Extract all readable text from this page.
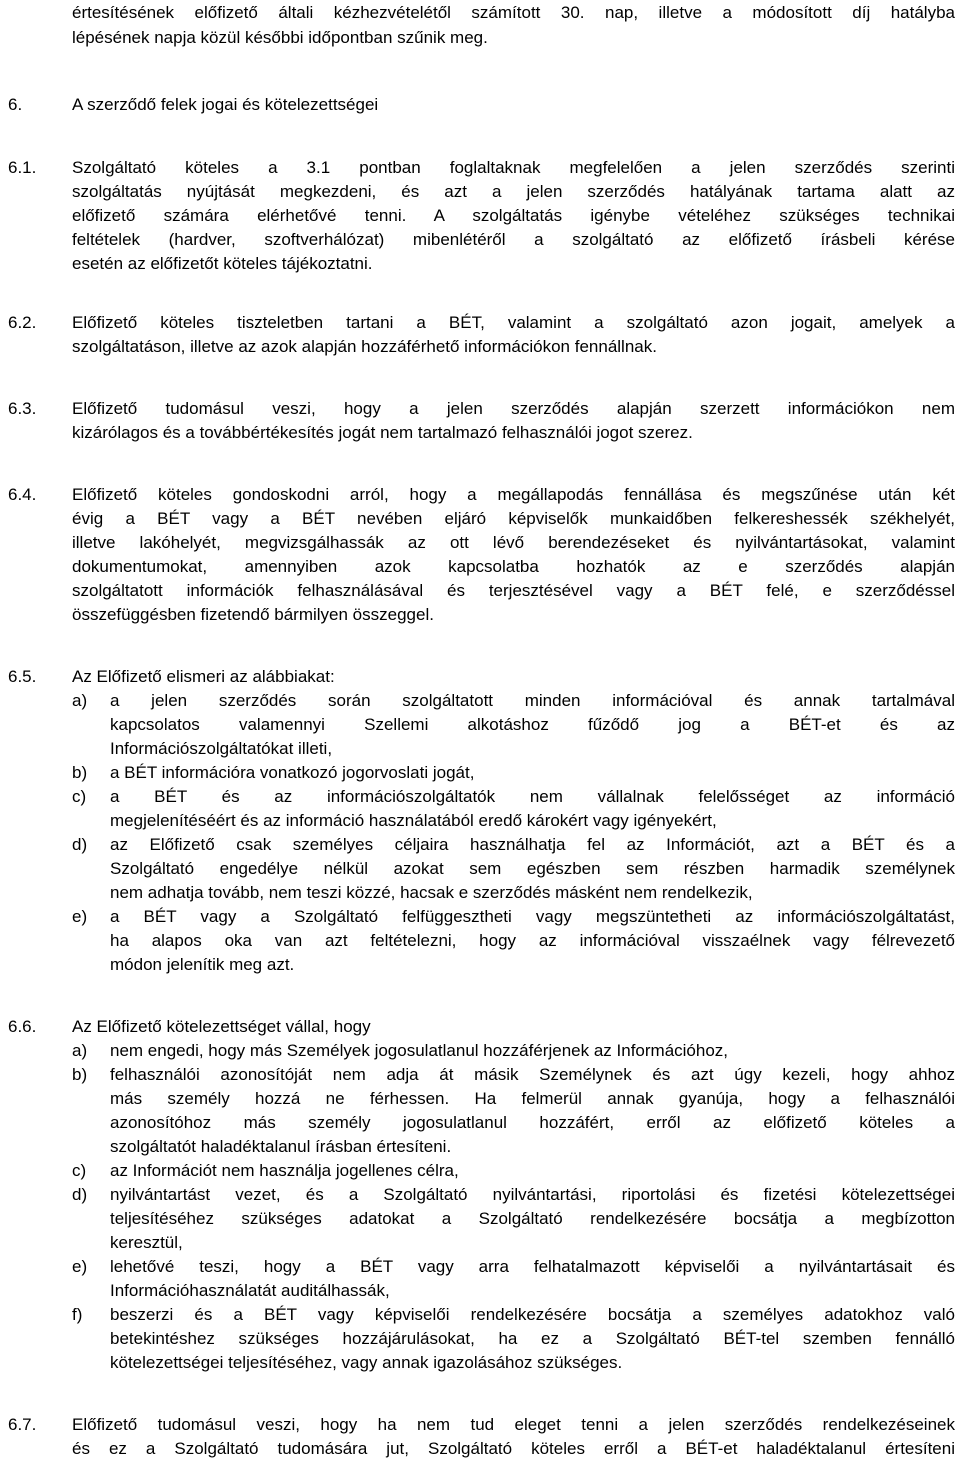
értesítésének előfizető általi kézhezvételétől számított 30. nap, illetve a módosított díj hatályba
lépésének napja közül későbbi időpontban szűnik meg.
6.	A szerződő felek jogai és kötelezettségei
6.1. Szolgáltató köteles a 3.1 pontban foglaltaknak megfelelően a jelen szerződés szerinti
szolgáltatás nyújtását megkezdeni, és azt a jelen szerződés hatályának tartama alatt az
előfizető számára elérhetővé tenni. A szolgáltatás igénybe vételéhez szükséges technikai
feltételek (hardver, szoftverhálózat) mibenlétéről a szolgáltató az előfizető írásbeli kérése
esetén az előfizetőt köteles tájékoztatni.
6.2. Előfizető köteles tiszteletben tartani a BÉT, valamint a szolgáltató azon jogait, amelyek a
szolgáltatáson, illetve az azok alapján hozzáférhető információkon fennállnak.
6.3. Előfizető tudomásul veszi, hogy a jelen szerződés alapján szerzett információkon nem
kizárólagos és a továbbértékesítés jogát nem tartalmazó felhasználói jogot szerez.
6.4. Előfizető köteles gondoskodni arról, hogy a megállapodás fennállása és megszűnése után két
évig a BÉT vagy a BÉT nevében eljáró képviselők munkaidőben felkereshessék székhelyét,
illetve lakóhelyét, megvizsgálhassák az ott lévő berendezéseket és nyilvántartásokat, valamint
dokumentumokat, amennyiben azok kapcsolatba hozhatók az e szerződés alapján
szolgáltatott információk felhasználásával és terjesztésével vagy a BÉT felé, e szerződéssel
összefüggésben fizetendő bármilyen összeggel.
6.5. Az Előfizető elismeri az alábbiakat:
a) a jelen szerződés során szolgáltatott minden információval és annak tartalmával
kapcsolatos valamennyi Szellemi alkotáshoz fűződő jog a BÉT-et és az
Információszolgáltatókat illeti,
b) a BÉT információra vonatkozó jogorvoslati jogát,
c) a BÉT és az információszolgáltatók nem vállalnak felelősséget az információ
megjelenítéséért és az információ használatából eredő károkért vagy igényekért,
d) az Előfizető csak személyes céljaira használhatja fel az Információt, azt a BÉT és a
Szolgáltató engedélye nélkül azokat sem egészben sem részben harmadik személynek
nem adhatja tovább, nem teszi közzé, hacsak e szerződés másként nem rendelkezik,
e) a BÉT vagy a Szolgáltató felfüggesztheti vagy megszüntetheti az információszolgáltatást,
ha alapos oka van azt feltételezni, hogy az információval visszaélnek vagy félrevezető
módon jelenítik meg azt.
6.6. Az Előfizető kötelezettséget vállal, hogy
a) nem engedi, hogy más Személyek jogosulatlanul hozzáférjenek az Információhoz,
b) felhasználói azonosítóját nem adja át másik Személynek és azt úgy kezeli, hogy ahhoz
más személy hozzá ne férhessen. Ha felmerül annak gyanúja, hogy a felhasználói
azonosítóhoz más személy jogosulatlanul hozzáfért, erről az előfizető köteles a
szolgáltatót haladéktalanul írásban értesíteni.
c) az Információt nem használja jogellenes célra,
d) nyilvántartást vezet, és a Szolgáltató nyilvántartási, riportolási és fizetési kötelezettségei
teljesítéséhez szükséges adatokat a Szolgáltató rendelkezésére bocsátja a megbízotton
keresztül,
e) lehetővé teszi, hogy a BÉT vagy arra felhatalmazott képviselői a nyilvántartásait és
Információhasználatát auditálhassák,
f) beszerzi és a BÉT vagy képviselői rendelkezésére bocsátja a személyes adatokhoz való
betekintéshez szükséges hozzájárulásokat, ha ez a Szolgáltató BÉT-tel szemben fennálló
kötelezettségei teljesítéséhez, vagy annak igazolásához szükséges.
6.7. Előfizető tudomásul veszi, hogy ha nem tud eleget tenni a jelen szerződés rendelkezéseinek
és ez a Szolgáltató tudomására jut, Szolgáltató köteles erről a BÉT-et haladéktalanul értesíteni
